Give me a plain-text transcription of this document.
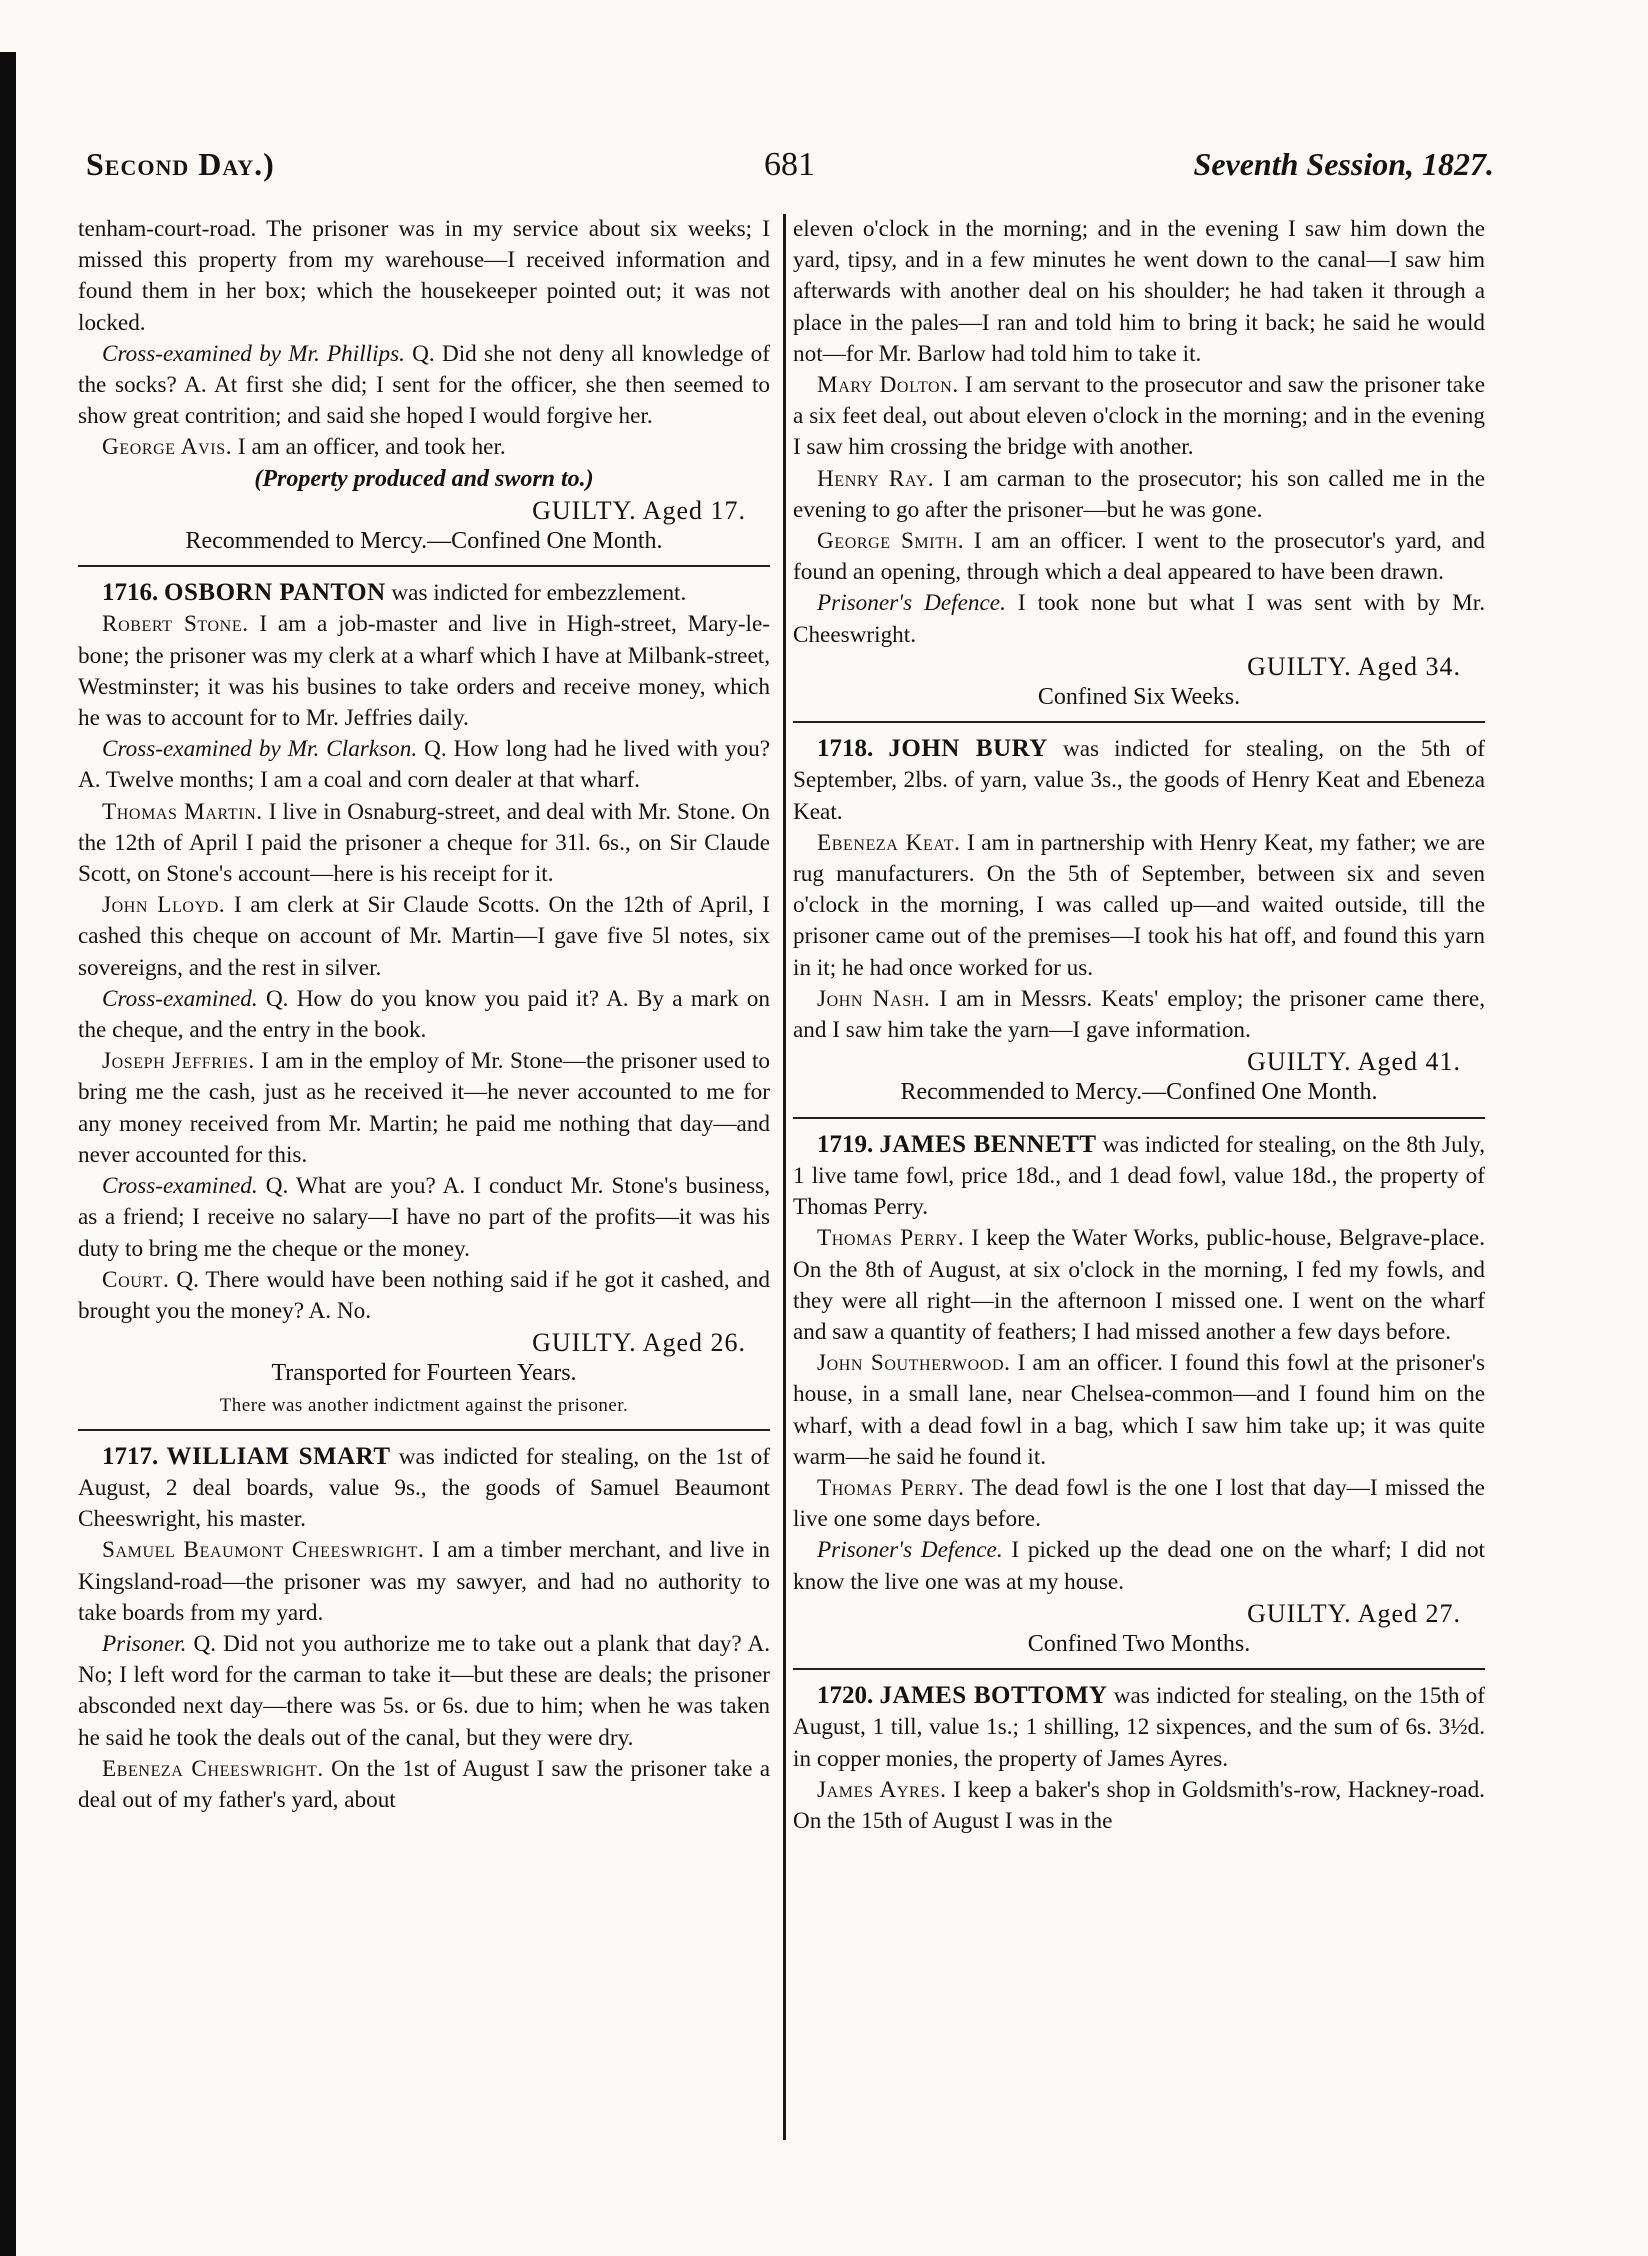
Second Day.)	681	Seventh Session, 1827.

tenham-court-road. The prisoner was in my service about six weeks; I missed this property from my warehouse—I received information and found them in her box; which the housekeeper pointed out; it was not locked.

Cross-examined by Mr. Phillips. Q. Did she not deny all knowledge of the socks? A. At first she did; I sent for the officer, she then seemed to show great contrition; and said she hoped I would forgive her.

George Avis. I am an officer, and took her.

(Property produced and sworn to.)

GUILTY. Aged 17.

Recommended to Mercy.—Confined One Month.

1716. OSBORN PANTON was indicted for embezzlement.

Robert Stone. I am a job-master and live in High-street, Mary-le-bone; the prisoner was my clerk at a wharf which I have at Milbank-street, Westminster; it was his busines to take orders and receive money, which he was to account for to Mr. Jeffries daily.

Cross-examined by Mr. Clarkson. Q. How long had he lived with you? A. Twelve months; I am a coal and corn dealer at that wharf.

Thomas Martin. I live in Osnaburg-street, and deal with Mr. Stone. On the 12th of April I paid the prisoner a cheque for 31l. 6s., on Sir Claude Scott, on Stone's account—here is his receipt for it.

John Lloyd. I am clerk at Sir Claude Scotts. On the 12th of April, I cashed this cheque on account of Mr. Martin—I gave five 5l notes, six sovereigns, and the rest in silver.

Cross-examined. Q. How do you know you paid it? A. By a mark on the cheque, and the entry in the book.

Joseph Jeffries. I am in the employ of Mr. Stone—the prisoner used to bring me the cash, just as he received it—he never accounted to me for any money received from Mr. Martin; he paid me nothing that day—and never accounted for this.

Cross-examined. Q. What are you? A. I conduct Mr. Stone's business, as a friend; I receive no salary—I have no part of the profits—it was his duty to bring me the cheque or the money.

Court. Q. There would have been nothing said if he got it cashed, and brought you the money? A. No.

GUILTY. Aged 26.

Transported for Fourteen Years.

There was another indictment against the prisoner.

1717. WILLIAM SMART was indicted for stealing, on the 1st of August, 2 deal boards, value 9s., the goods of Samuel Beaumont Cheeswright, his master.

Samuel Beaumont Cheeswright. I am a timber merchant, and live in Kingsland-road—the prisoner was my sawyer, and had no authority to take boards from my yard.

Prisoner. Q. Did not you authorize me to take out a plank that day? A. No; I left word for the carman to take it—but these are deals; the prisoner absconded next day—there was 5s. or 6s. due to him; when he was taken he said he took the deals out of the canal, but they were dry.

Ebeneza Cheeswright. On the 1st of August I saw the prisoner take a deal out of my father's yard, about

eleven o'clock in the morning; and in the evening I saw him down the yard, tipsy, and in a few minutes he went down to the canal—I saw him afterwards with another deal on his shoulder; he had taken it through a place in the pales—I ran and told him to bring it back; he said he would not—for Mr. Barlow had told him to take it.

Mary Dolton. I am servant to the prosecutor and saw the prisoner take a six feet deal, out about eleven o'clock in the morning; and in the evening I saw him crossing the bridge with another.

Henry Ray. I am carman to the prosecutor; his son called me in the evening to go after the prisoner—but he was gone.

George Smith. I am an officer. I went to the prosecutor's yard, and found an opening, through which a deal appeared to have been drawn.

Prisoner's Defence. I took none but what I was sent with by Mr. Cheeswright.

GUILTY. Aged 34.

Confined Six Weeks.

1718. JOHN BURY was indicted for stealing, on the 5th of September, 2lbs. of yarn, value 3s., the goods of Henry Keat and Ebeneza Keat.

Ebeneza Keat. I am in partnership with Henry Keat, my father; we are rug manufacturers. On the 5th of September, between six and seven o'clock in the morning, I was called up—and waited outside, till the prisoner came out of the premises—I took his hat off, and found this yarn in it; he had once worked for us.

John Nash. I am in Messrs. Keats' employ; the prisoner came there, and I saw him take the yarn—I gave information.

GUILTY. Aged 41.

Recommended to Mercy.—Confined One Month.

1719. JAMES BENNETT was indicted for stealing, on the 8th July, 1 live tame fowl, price 18d., and 1 dead fowl, value 18d., the property of Thomas Perry.

Thomas Perry. I keep the Water Works, public-house, Belgrave-place. On the 8th of August, at six o'clock in the morning, I fed my fowls, and they were all right—in the afternoon I missed one. I went on the wharf and saw a quantity of feathers; I had missed another a few days before.

John Southerwood. I am an officer. I found this fowl at the prisoner's house, in a small lane, near Chelsea-common—and I found him on the wharf, with a dead fowl in a bag, which I saw him take up; it was quite warm—he said he found it.

Thomas Perry. The dead fowl is the one I lost that day—I missed the live one some days before.

Prisoner's Defence. I picked up the dead one on the wharf; I did not know the live one was at my house.

GUILTY. Aged 27.

Confined Two Months.

1720. JAMES BOTTOMY was indicted for stealing, on the 15th of August, 1 till, value 1s.; 1 shilling, 12 sixpences, and the sum of 6s. 3½d. in copper monies, the property of James Ayres.

James Ayres. I keep a baker's shop in Goldsmith's-row, Hackney-road. On the 15th of August I was in the
